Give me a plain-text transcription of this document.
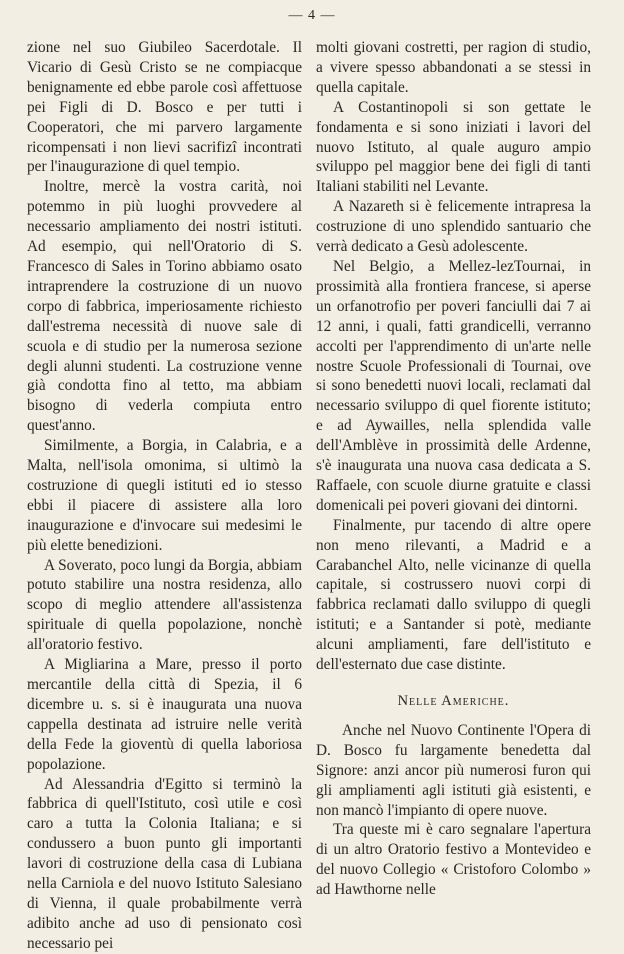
— 4 —

zione nel suo Giubileo Sacerdotale. Il Vicario di Gesù Cristo se ne compiacque benignamente ed ebbe parole così affettuose pei Figli di D. Bosco e per tutti i Cooperatori, che mi parvero largamente ricompensati i non lievi sacrifizî incontrati per l'inaugurazione di quel tempio.

Inoltre, mercè la vostra carità, noi potemmo in più luoghi provvedere al necessario ampliamento dei nostri istituti. Ad esempio, qui nell'Oratorio di S. Francesco di Sales in Torino abbiamo osato intraprendere la costruzione di un nuovo corpo di fabbrica, imperiosamente richiesto dall'estrema necessità di nuove sale di scuola e di studio per la numerosa sezione degli alunni studenti. La costruzione venne già condotta fino al tetto, ma abbiam bisogno di vederla compiuta entro quest'anno.

Similmente, a Borgia, in Calabria, e a Malta, nell'isola omonima, si ultimò la costruzione di quegli istituti ed io stesso ebbi il piacere di assistere alla loro inaugurazione e d'invocare sui medesimi le più elette benedizioni.

A Soverato, poco lungi da Borgia, abbiam potuto stabilire una nostra residenza, allo scopo di meglio attendere all'assistenza spirituale di quella popolazione, nonchè all'oratorio festivo.

A Migliarina a Mare, presso il porto mercantile della città di Spezia, il 6 dicembre u. s. si è inaugurata una nuova cappella destinata ad istruire nelle verità della Fede la gioventù di quella laboriosa popolazione.

Ad Alessandria d'Egitto si terminò la fabbrica di quell'Istituto, così utile e così caro a tutta la Colonia Italiana; e si condussero a buon punto gli importanti lavori di costruzione della casa di Lubiana nella Carniola e del nuovo Istituto Salesiano di Vienna, il quale probabilmente verrà adibito anche ad uso di pensionato così necessario pei

molti giovani costretti, per ragion di studio, a vivere spesso abbandonati a se stessi in quella capitale.

A Costantinopoli si son gettate le fondamenta e si sono iniziati i lavori del nuovo Istituto, al quale auguro ampio sviluppo pel maggior bene dei figli di tanti Italiani stabiliti nel Levante.

A Nazareth si è felicemente intrapresa la costruzione di uno splendido santuario che verrà dedicato a Gesù adolescente.

Nel Belgio, a Mellez-lezTournai, in prossimità alla frontiera francese, si aperse un orfanotrofio per poveri fanciulli dai 7 ai 12 anni, i quali, fatti grandicelli, verranno accolti per l'apprendimento di un'arte nelle nostre Scuole Professionali di Tournai, ove si sono benedetti nuovi locali, reclamati dal necessario sviluppo di quel fiorente istituto; e ad Aywailles, nella splendida valle dell'Amblève in prossimità delle Ardenne, s'è inaugurata una nuova casa dedicata a S. Raffaele, con scuole diurne gratuite e classi domenicali pei poveri giovani dei dintorni.

Finalmente, pur tacendo di altre opere non meno rilevanti, a Madrid e a Carabanchel Alto, nelle vicinanze di quella capitale, si costrussero nuovi corpi di fabbrica reclamati dallo sviluppo di quegli istituti; e a Santander si potè, mediante alcuni ampliamenti, fare dell'istituto e dell'esternato due case distinte.

Nelle Americhe.

Anche nel Nuovo Continente l'Opera di D. Bosco fu largamente benedetta dal Signore: anzi ancor più numerosi furon qui gli ampliamenti agli istituti già esistenti, e non mancò l'impianto di opere nuove.

Tra queste mi è caro segnalare l'apertura di un altro Oratorio festivo a Montevideo e del nuovo Collegio « Cristoforo Colombo » ad Hawthorne nelle
